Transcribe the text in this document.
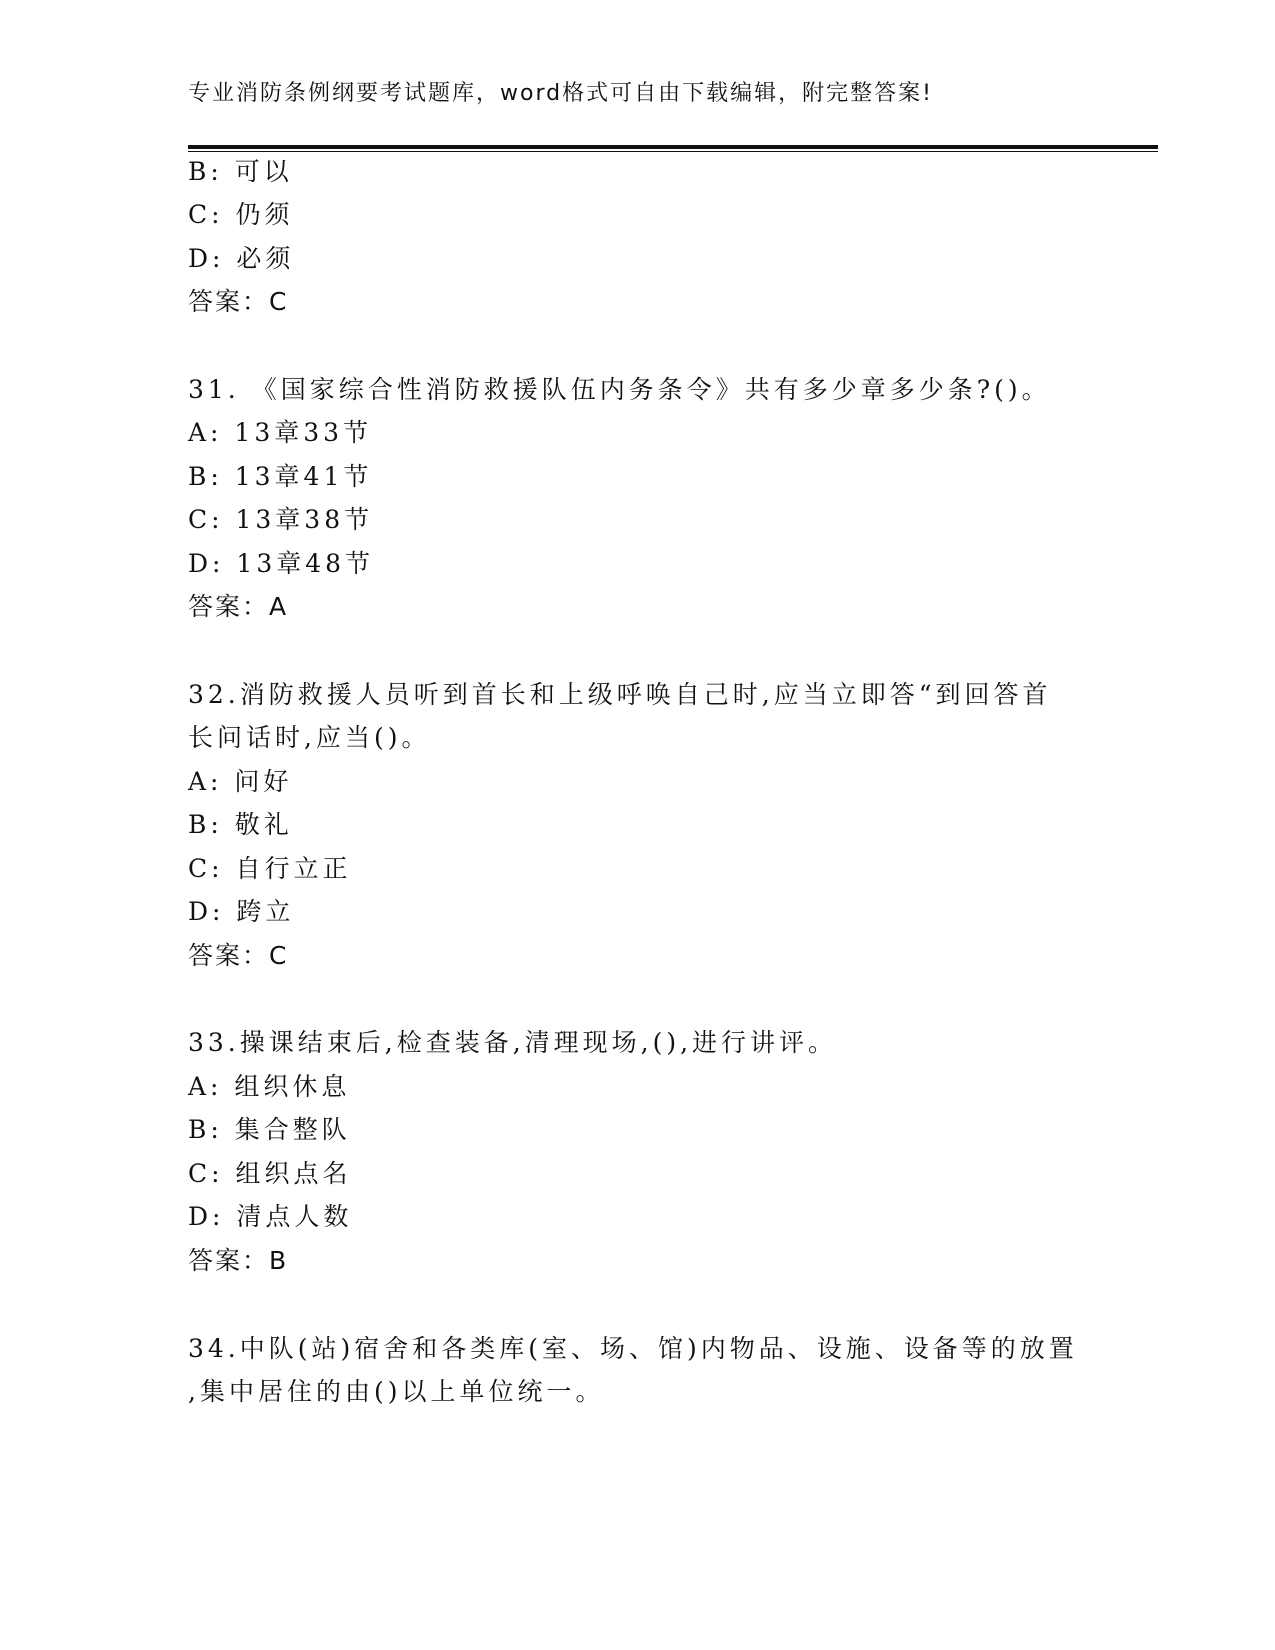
专业消防条例纲要考试题库，word格式可自由下载编辑，附完整答案!
B: 可以
C: 仍须
D: 必须
答案：C
31. 《国家综合性消防救援队伍内务条令》共有多少章多少条?()。
A: 13章33节
B: 13章41节
C: 13章38节
D: 13章48节
答案：A
32.消防救援人员听到首长和上级呼唤自己时,应当立即答“到回答首
长问话时,应当()。
A: 问好
B: 敬礼
C: 自行立正
D: 跨立
答案：C
33.操课结束后,检查装备,清理现场,(),进行讲评。
A: 组织休息
B: 集合整队
C: 组织点名
D: 清点人数
答案：B
34.中队(站)宿舍和各类库(室、场、馆)内物品、设施、设备等的放置
,集中居住的由()以上单位统一。
